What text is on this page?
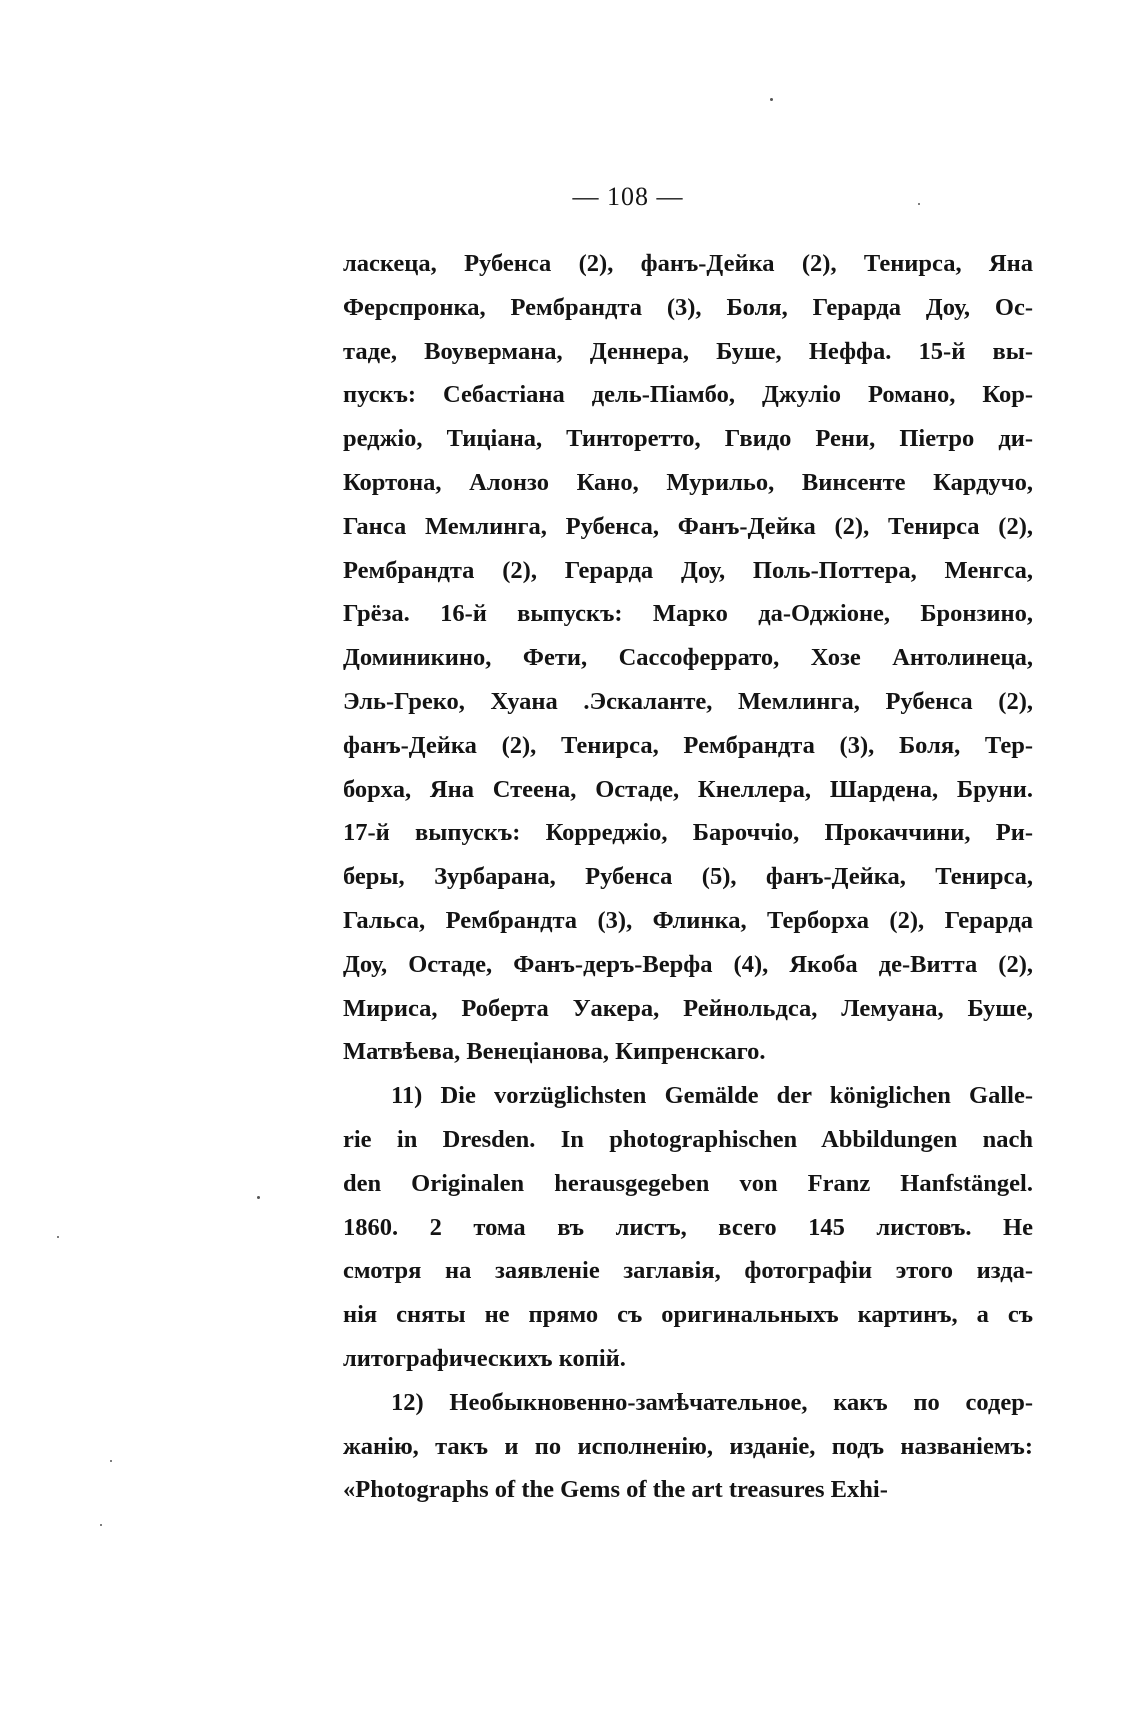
— 108 —
ласкеца, Рубенса (2), фанъ-Дейка (2), Тенирса, Яна
Ферспронка, Рембрандта (3), Боля, Герарда Доу, Ос-
таде, Воувермана, Деннера, Буше, Неффа. 15-й вы-
пускъ: Себастіана дель-Піамбо, Джуліо Романо, Кор-
реджіо, Тиціана, Тинторетто, Гвидо Рени, Піетро ди-
Кортона, Алонзо Кано, Мурильо, Винсенте Кардучо,
Ганса Мемлинга, Рубенса, Фанъ-Дейка (2), Тенирса (2),
Рембрандта (2), Герарда Доу, Поль-Поттера, Менгса,
Грёза. 16-й выпускъ: Марко да-Оджіоне, Бронзино,
Доминикино, Фети, Сассоферрато, Хозе Антолинеца,
Эль-Греко, Хуана .Эскаланте, Мемлинга, Рубенса (2),
фанъ-Дейка (2), Тенирса, Рембрандта (3), Боля, Тер-
борха, Яна Стеена, Остаде, Кнеллера, Шардена, Бруни.
17-й выпускъ: Корреджіо, Бароччіо, Прокаччини, Ри-
беры, Зурбарана, Рубенса (5), фанъ-Дейка, Тенирса,
Гальса, Рембрандта (3), Флинка, Терборха (2), Герарда
Доу, Остаде, Фанъ-деръ-Верфа (4), Якоба де-Витта (2),
Мириса, Роберта Уакера, Рейнольдса, Лемуана, Буше,
Матвѣева, Венеціанова, Кипренскаго.
11) Die vorzüglichsten Gemälde der königlichen Galle-
rie in Dresden. In photographischen Abbildungen nach
den Originalen herausgegeben von Franz Hanfstängel.
1860. 2 тома въ листъ, всего 145 листовъ. Не
смотря на заявленіе заглавія, фотографіи этого изда-
нія сняты не прямо съ оригинальныхъ картинъ, а съ
литографическихъ копій.
12) Необыкновенно-замѣчательное, какъ по содер-
жанію, такъ и по исполненію, изданіе, подъ названіемъ:
«Photographs of the Gems of the art treasures Exhi-
